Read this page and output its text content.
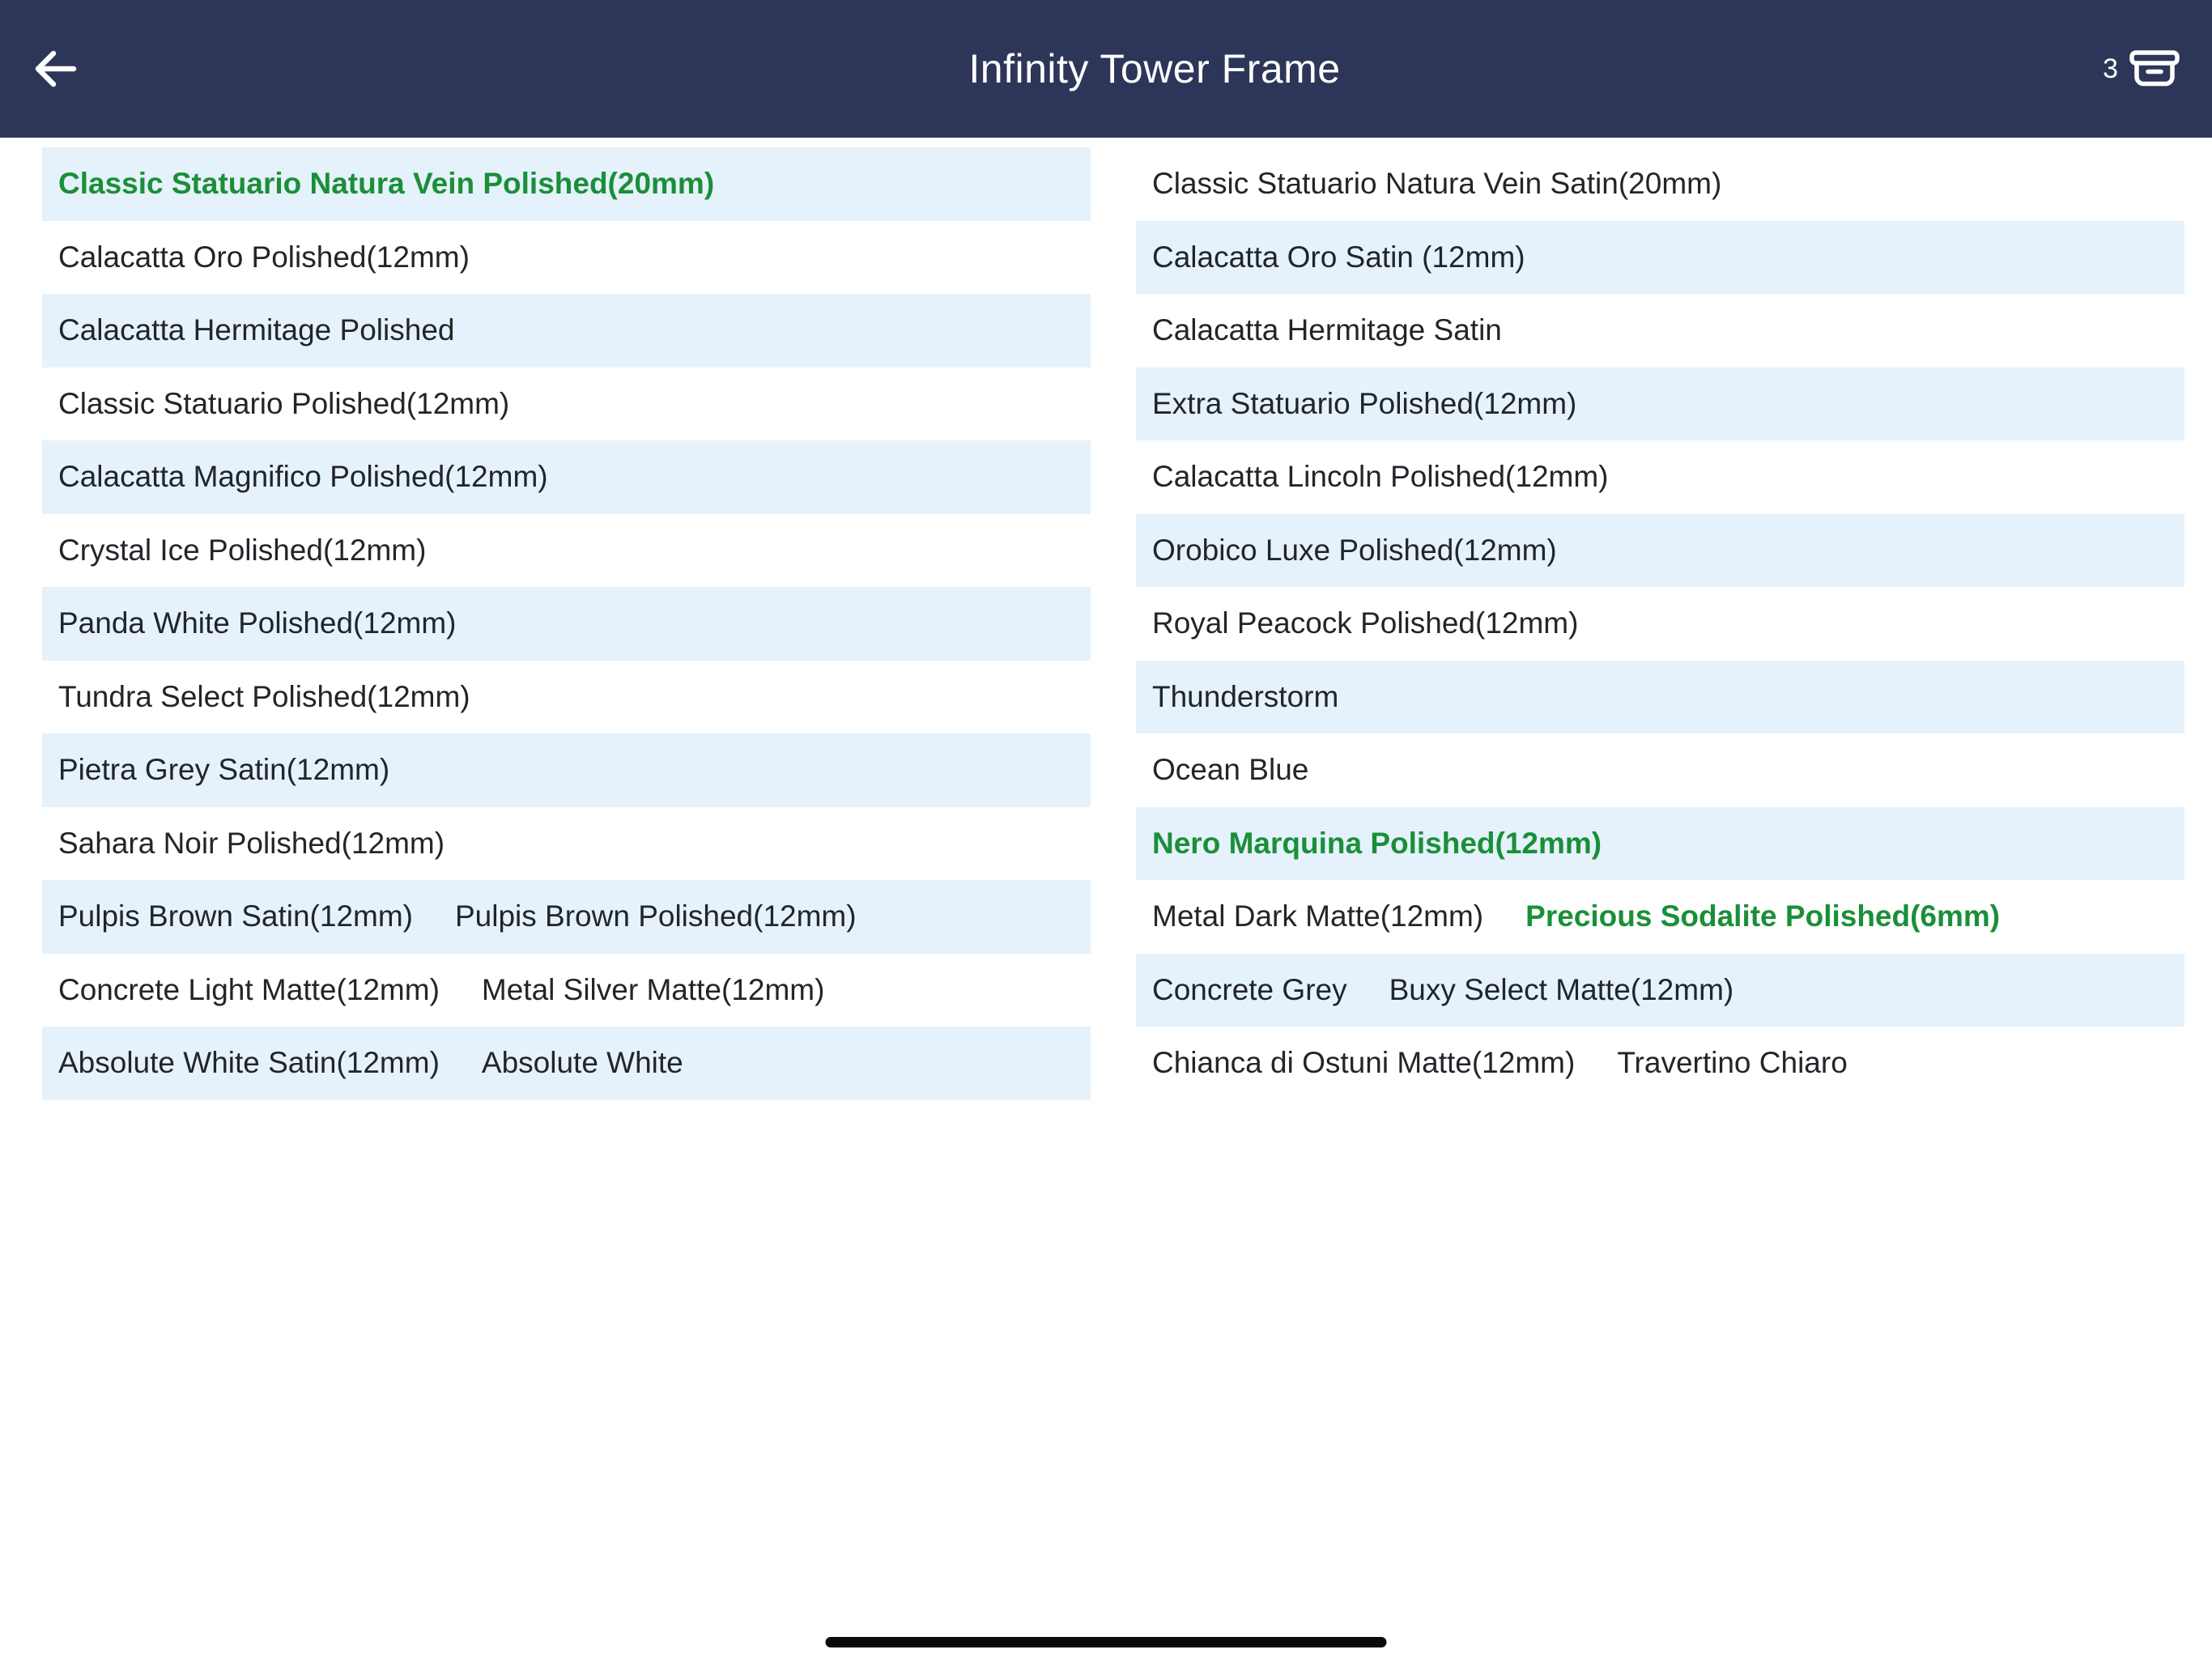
Infinity Tower Frame	3
Classic Statuario Natura Vein Polished(20mm)
Calacatta Oro Polished(12mm)
Calacatta Hermitage Polished
Classic Statuario Polished(12mm)
Calacatta Magnifico Polished(12mm)
Crystal Ice Polished(12mm)
Panda White Polished(12mm)
Tundra Select Polished(12mm)
Pietra Grey Satin(12mm)
Sahara Noir Polished(12mm)
Pulpis Brown Satin(12mm) Pulpis Brown Polished(12mm)
Concrete Light Matte(12mm) Metal Silver Matte(12mm)
Absolute White Satin(12mm) Absolute White
Classic Statuario Natura Vein Satin(20mm)
Calacatta Oro Satin (12mm)
Calacatta Hermitage Satin
Extra Statuario Polished(12mm)
Calacatta Lincoln Polished(12mm)
Orobico Luxe Polished(12mm)
Royal Peacock Polished(12mm)
Thunderstorm
Ocean Blue
Nero Marquina Polished(12mm)
Metal Dark Matte(12mm) Precious Sodalite Polished(6mm)
Concrete Grey Buxy Select Matte(12mm)
Chianca di Ostuni Matte(12mm) Travertino Chiaro
